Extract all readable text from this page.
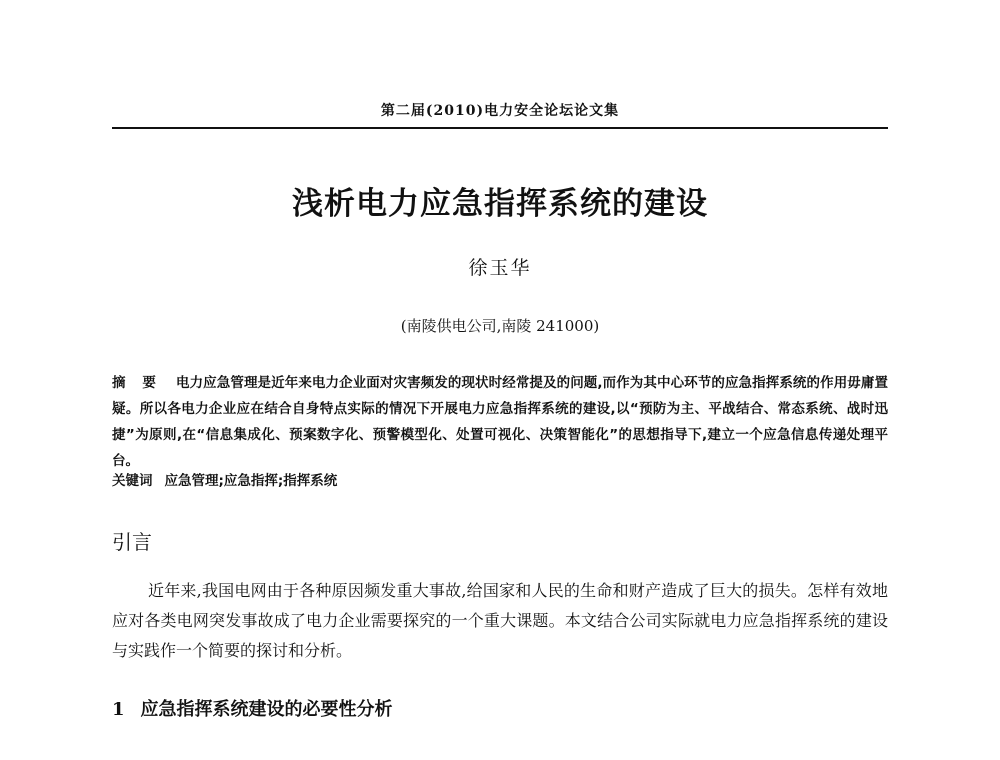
第二届(2010)电力安全论坛论文集
浅析电力应急指挥系统的建设
徐玉华
(南陵供电公司,南陵 241000)
摘 要 电力应急管理是近年来电力企业面对灾害频发的现状时经常提及的问题,而作为其中心环节的应急指挥系统的作用毋庸置疑。所以各电力企业应在结合自身特点实际的情况下开展电力应急指挥系统的建设,以“预防为主、平战结合、常态系统、战时迅捷”为原则,在“信息集成化、预案数字化、预警模型化、处置可视化、决策智能化”的思想指导下,建立一个应急信息传递处理平台。
关键词 应急管理;应急指挥;指挥系统
引言
近年来,我国电网由于各种原因频发重大事故,给国家和人民的生命和财产造成了巨大的损失。怎样有效地应对各类电网突发事故成了电力企业需要探究的一个重大课题。本文结合公司实际就电力应急指挥系统的建设与实践作一个简要的探讨和分析。
1 应急指挥系统建设的必要性分析
